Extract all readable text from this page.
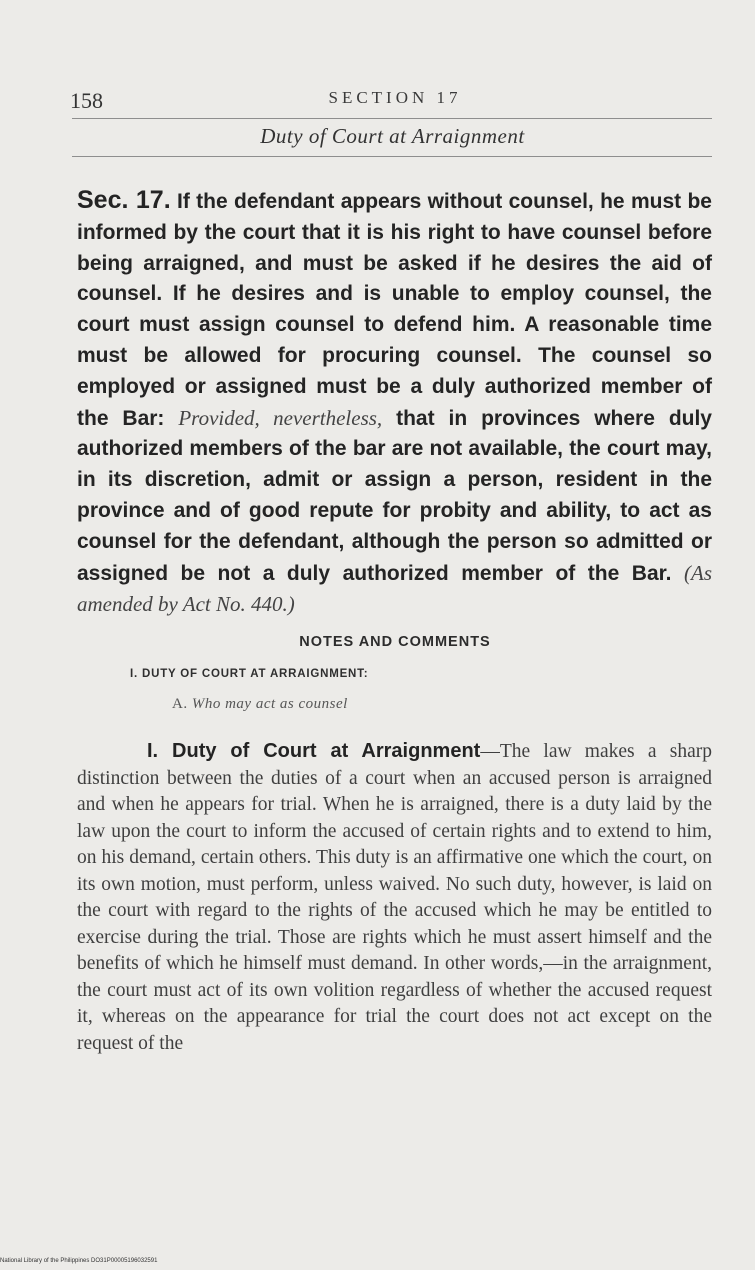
158	SECTION 17
Duty of Court at Arraignment

Sec. 17. If the defendant appears without counsel, he must be informed by the court that it is his right to have counsel before being arraigned, and must be asked if he desires the aid of counsel. If he desires and is unable to employ counsel, the court must assign counsel to defend him. A reasonable time must be allowed for procuring counsel. The counsel so employed or assigned must be a duly authorized member of the Bar: Provided, nevertheless, that in provinces where duly authorized members of the bar are not available, the court may, in its discretion, admit or assign a person, resident in the province and of good repute for probity and ability, to act as counsel for the defendant, although the person so admitted or assigned be not a duly authorized member of the Bar. (As amended by Act No. 440.)

NOTES AND COMMENTS
I. DUTY OF COURT AT ARRAIGNMENT:
A. Who may act as counsel

I. Duty of Court at Arraignment—The law makes a sharp distinction between the duties of a court when an accused person is arraigned and when he appears for trial. When he is arraigned, there is a duty laid by the law upon the court to inform the accused of certain rights and to extend to him, on his demand, certain others. This duty is an affirmative one which the court, on its own motion, must perform, unless waived. No such duty, however, is laid on the court with regard to the rights of the accused which he may be entitled to exercise during the trial. Those are rights which he must assert himself and the benefits of which he himself must demand. In other words,—in the arraignment, the court must act of its own volition regardless of whether the accused request it, whereas on the appearance for trial the court does not act except on the request of the

National Library of the Philippines DO31P00005196032591
